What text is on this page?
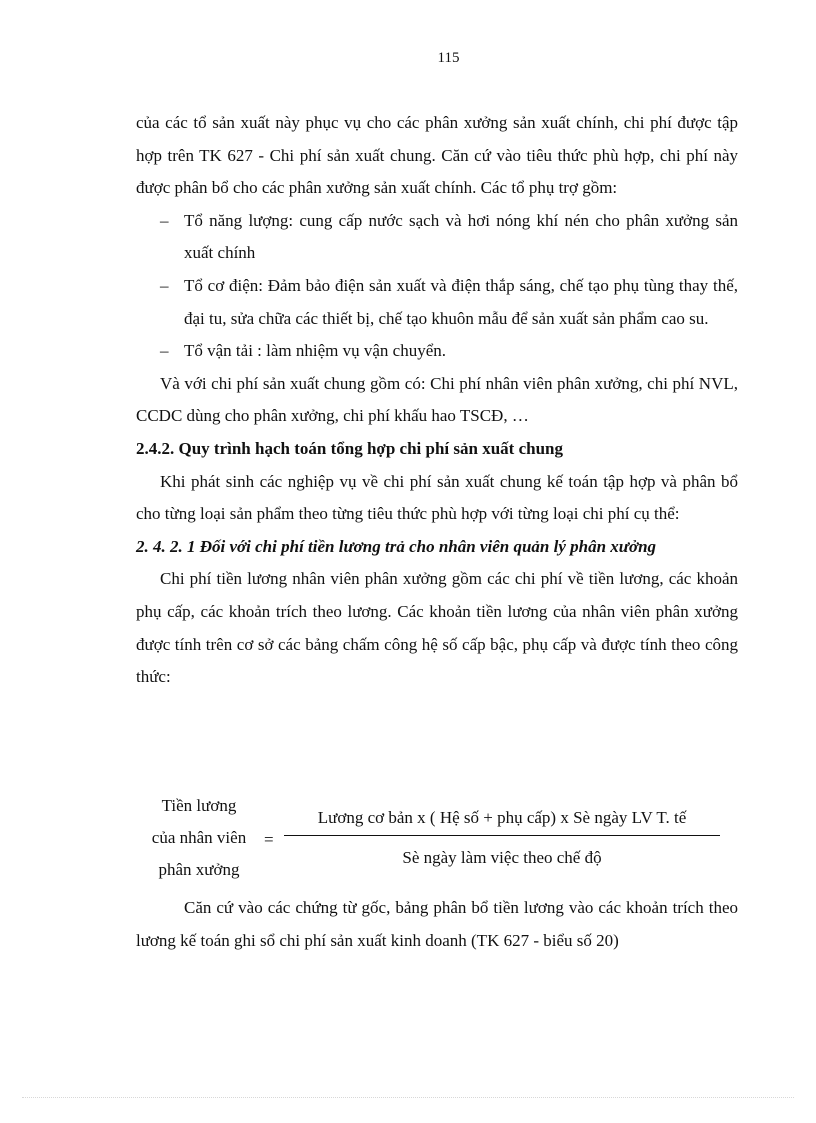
115

của các tổ sản xuất này phục vụ cho các phân xưởng sản xuất chính, chi phí được tập hợp trên TK 627 - Chi phí sản xuất chung. Căn cứ vào tiêu thức phù hợp, chi phí này được phân bổ cho các phân xưởng sản xuất chính. Các tổ phụ trợ gồm:

– Tổ năng lượng: cung cấp nước sạch và hơi nóng khí nén cho phân xưởng sản xuất chính
– Tổ cơ điện: Đảm bảo điện sản xuất và điện thắp sáng, chế tạo phụ tùng thay thế, đại tu, sửa chữa các thiết bị, chế tạo khuôn mẫu để sản xuất sản phẩm cao su.
– Tổ vận tải : làm nhiệm vụ vận chuyển.

Và với chi phí sản xuất chung gồm có: Chi phí nhân viên phân xưởng, chi phí NVL, CCDC dùng cho phân xưởng, chi phí khấu hao TSCĐ, …

2.4.2. Quy trình hạch toán tổng hợp chi phí sản xuất chung

Khi phát sinh các nghiệp vụ về chi phí sản xuất chung kế toán tập hợp và phân bổ cho từng loại sản phẩm theo từng tiêu thức phù hợp với từng loại chi phí cụ thể:

2. 4. 2. 1 Đối với chi phí tiền lương trả cho nhân viên quản lý phân xưởng

Chi phí tiền lương nhân viên phân xưởng gồm các chi phí về tiền lương, các khoản phụ cấp, các khoản trích theo lương. Các khoản tiền lương của nhân viên phân xưởng được tính trên cơ sở các bảng chấm công hệ số cấp bậc, phụ cấp và được tính theo công thức:

Tiền lương
của nhân viên
phân xưởng
=
Lương cơ bản x ( Hệ số + phụ cấp) x Sè ngày LV T. tế
Sè ngày làm việc theo chế độ

Căn cứ vào các chứng từ gốc, bảng phân bổ tiền lương vào các khoản trích theo lương kế toán ghi sổ chi phí sản xuất kinh doanh (TK 627 - biểu số 20)
